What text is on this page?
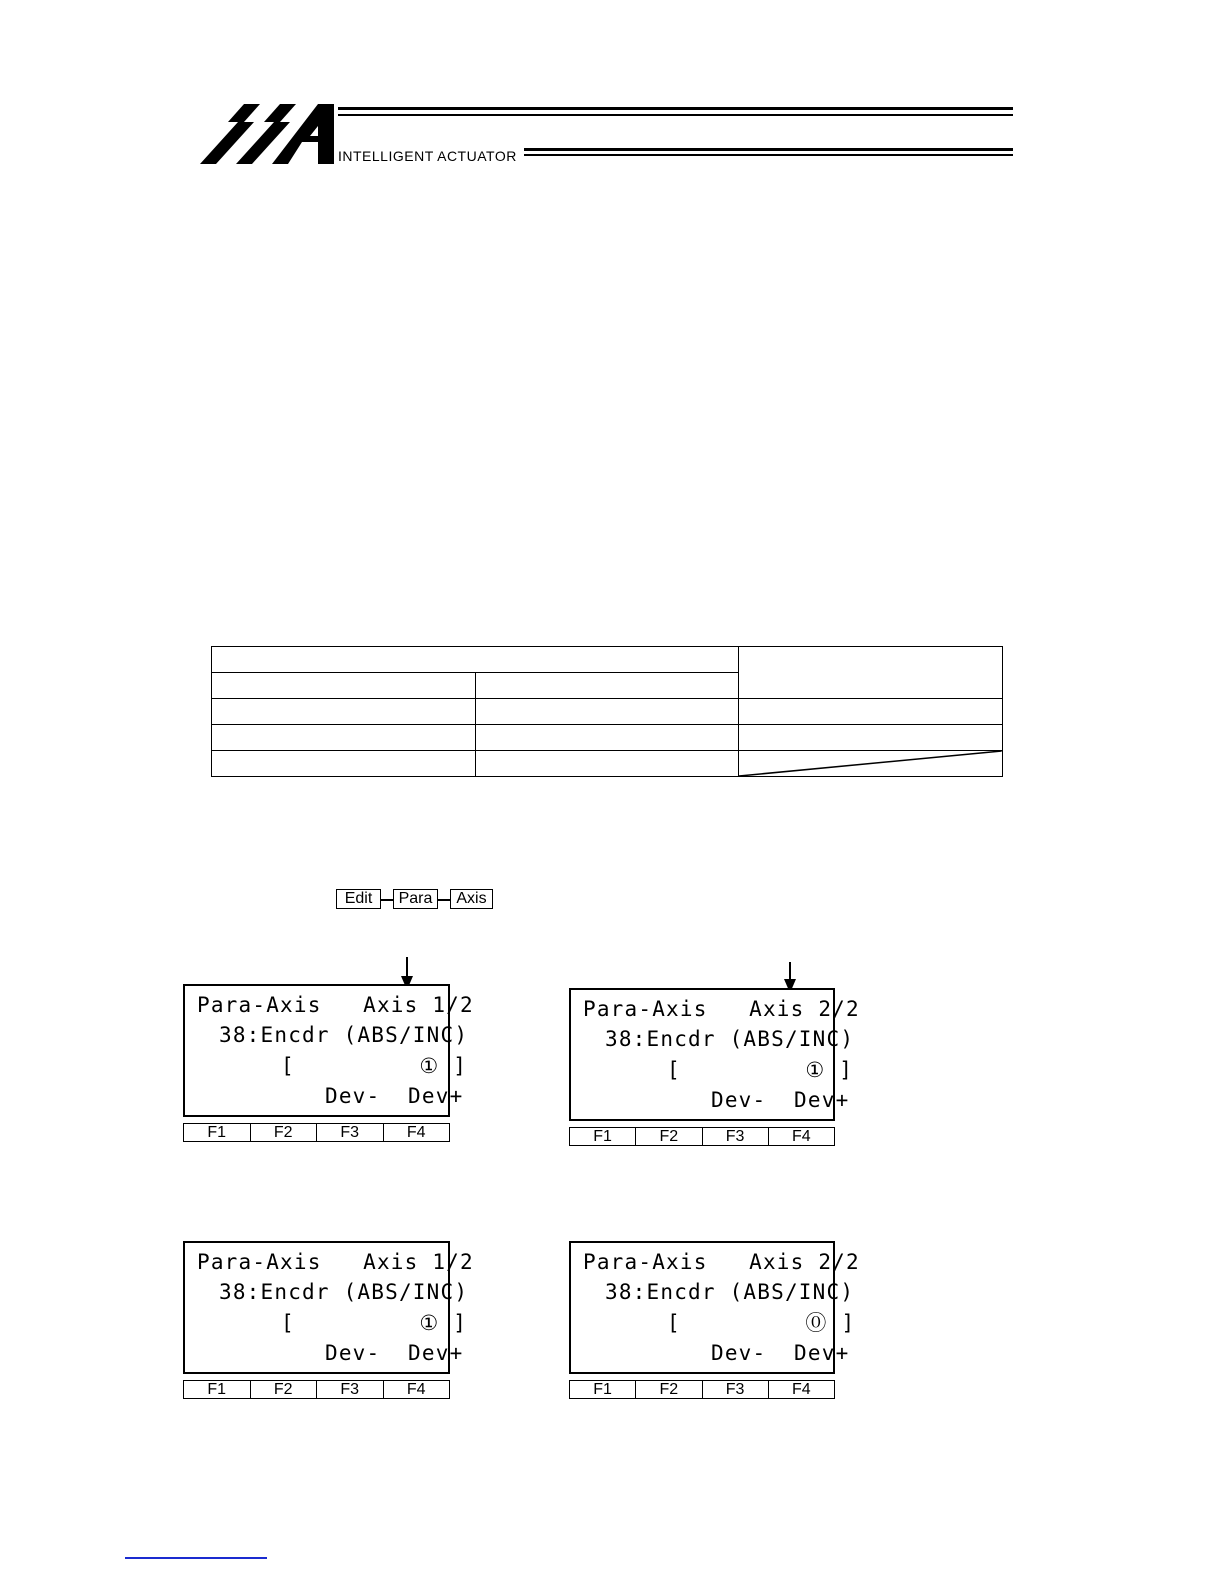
INTELLIGENT ACTUATOR

Edit	Para	Axis
Para-Axis   Axis 1/2
38:Encdr (ABS/INC)
[         ① ]
Dev-  Dev+
F1	F2	F3	F4
Para-Axis   Axis 2/2
38:Encdr (ABS/INC)
[         ① ]
Dev-  Dev+
F1	F2	F3	F4
Para-Axis   Axis 1/2
38:Encdr (ABS/INC)
[         ① ]
Dev-  Dev+
F1	F2	F3	F4
Para-Axis   Axis 2/2
38:Encdr (ABS/INC)
[         ⓪ ]
Dev-  Dev+
F1	F2	F3	F4
